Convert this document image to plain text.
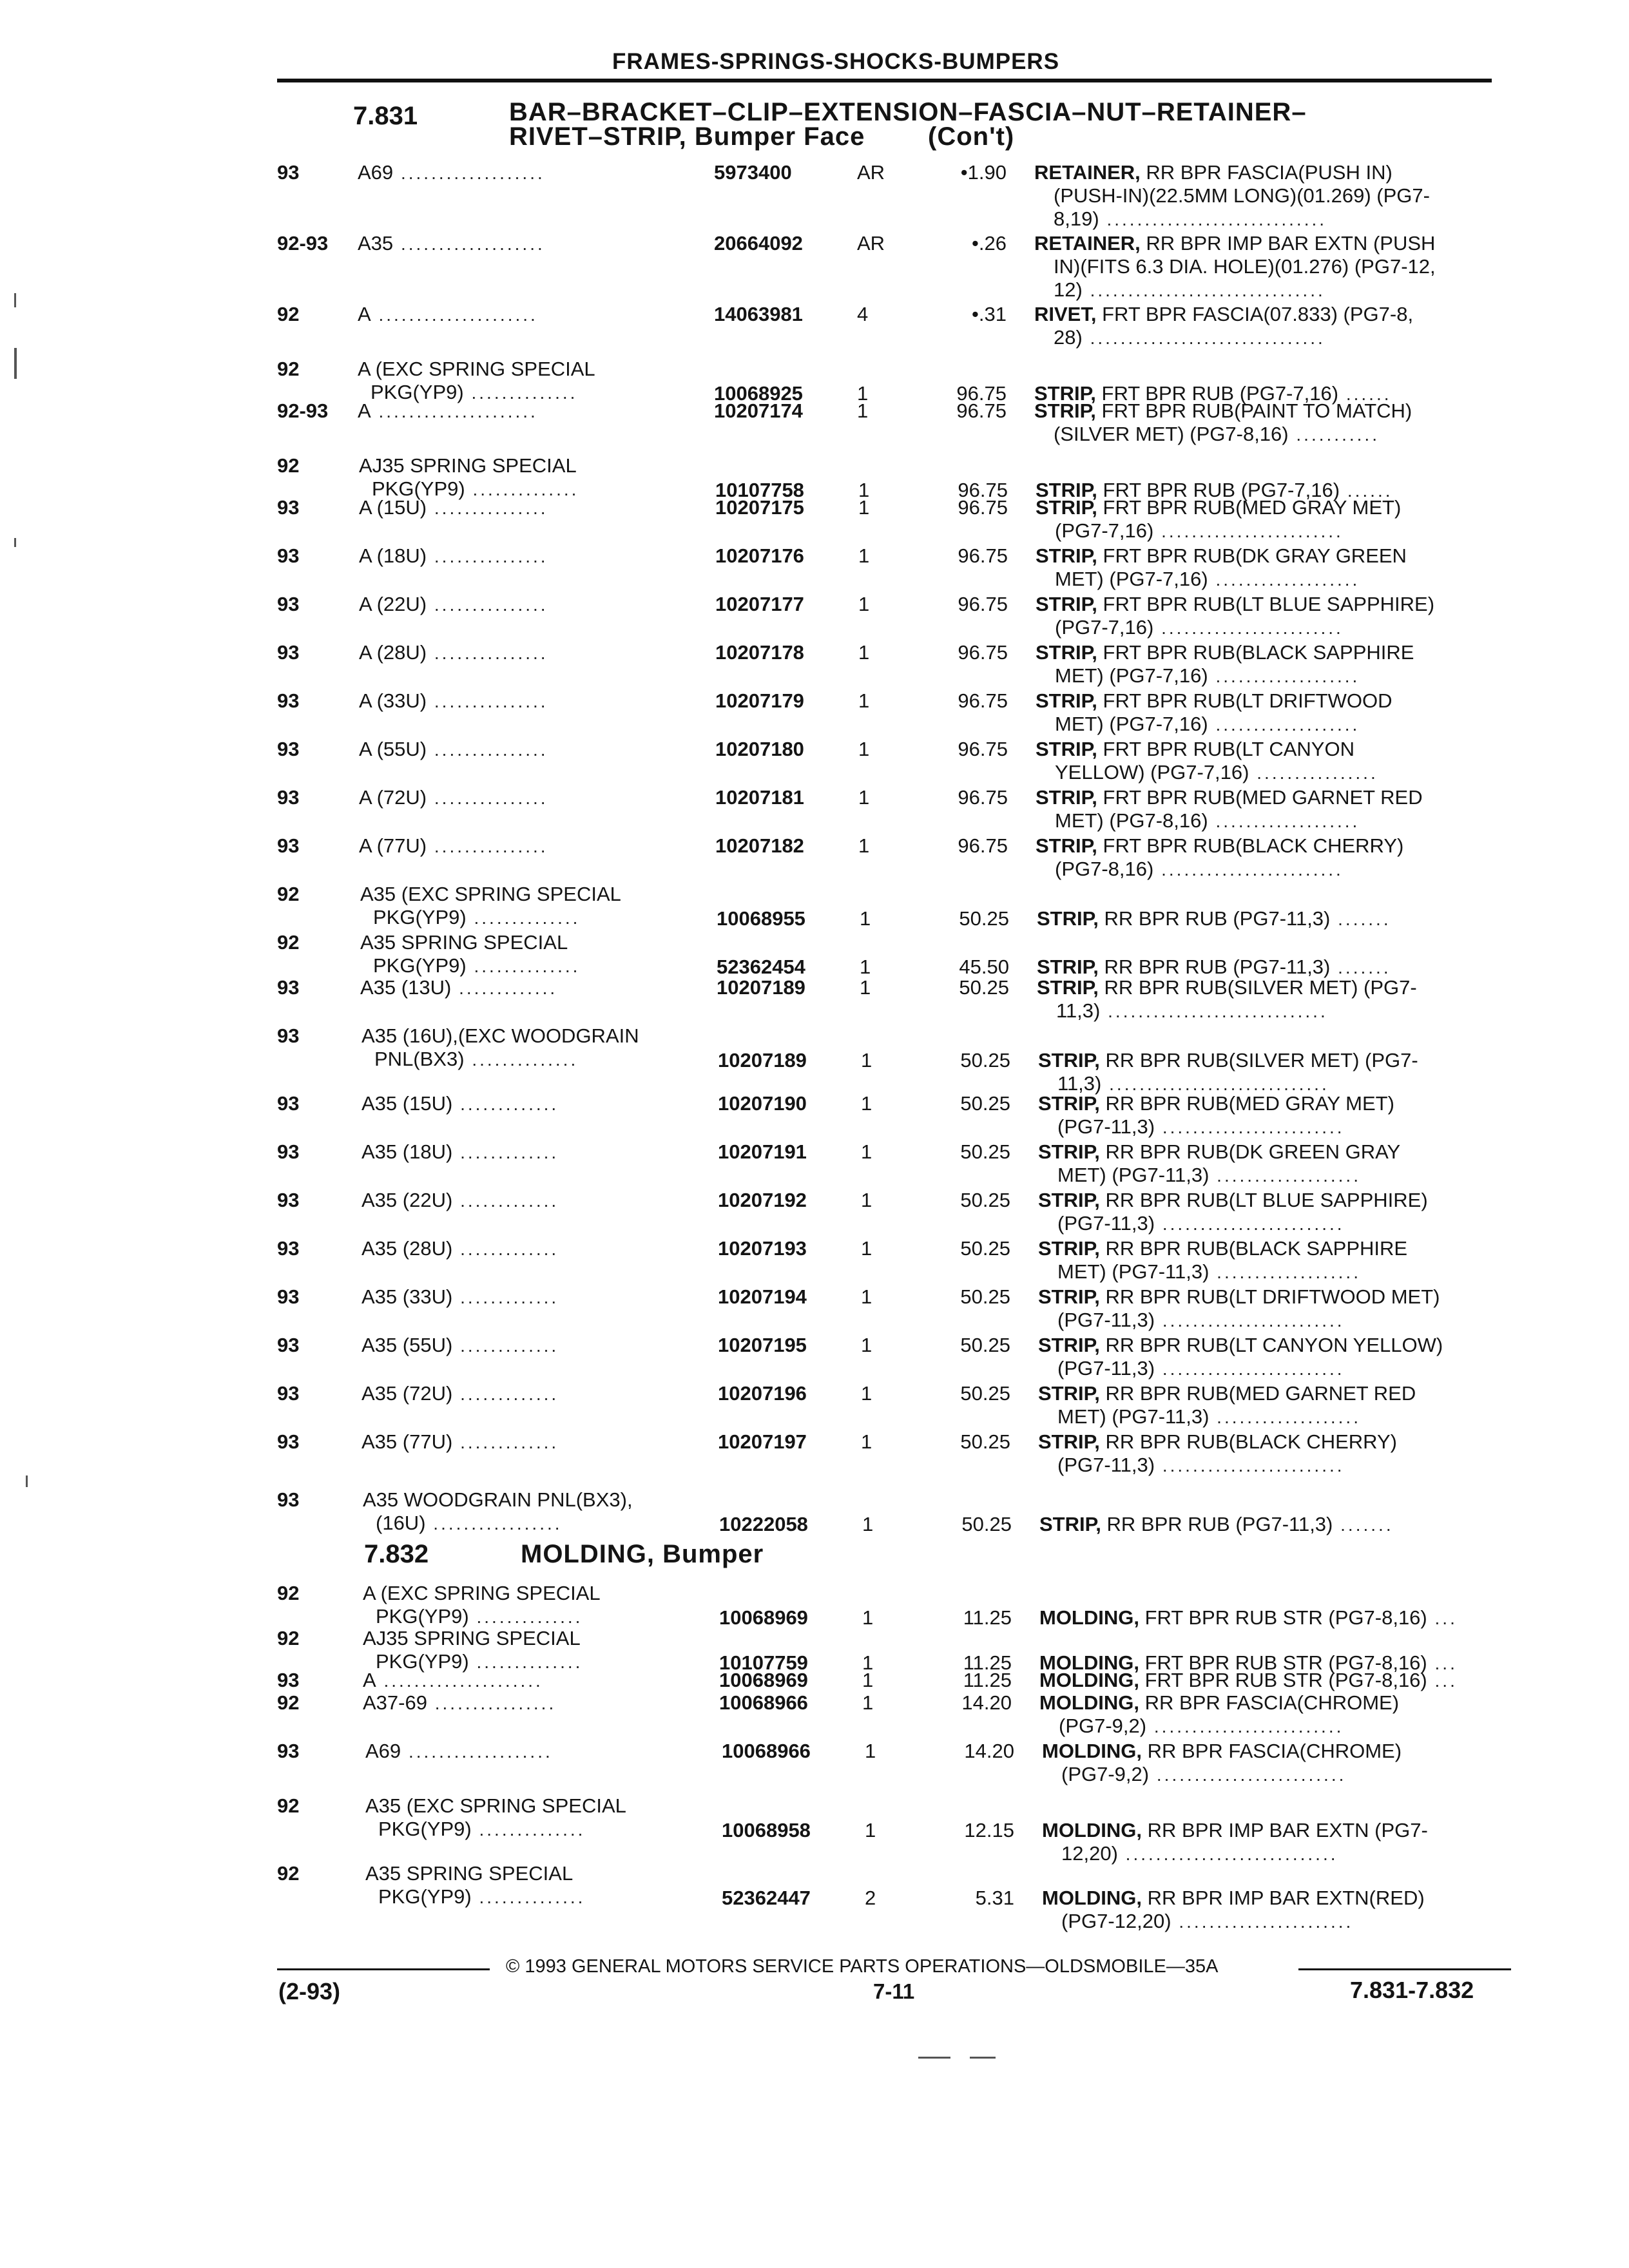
FRAMES-SPRINGS-SHOCKS-BUMPERS
7.831	BAR–BRACKET–CLIP–EXTENSION–FASCIA–NUT–RETAINER–
RIVET–STRIP, Bumper Face (Con't)
7.832	MOLDING, Bumper
93	A69 ...................	5973400	AR	•1.90 RETAINER, RR BPR FASCIA(PUSH IN)
(PUSH-IN)(22.5MM LONG)(01.269) (PG7-
8,19) .............................
92-93 A35 ...................	20664092	AR	•.26 RETAINER, RR BPR IMP BAR EXTN (PUSH
IN)(FITS 6.3 DIA. HOLE)(01.276) (PG7-12,
12) ...............................
92	A .....................	14063981	4	•.31 RIVET, FRT BPR FASCIA(07.833) (PG7-8,
28) ...............................
92	A (EXC SPRING SPECIAL
PKG(YP9) ..............	10068925	1	96.75 STRIP, FRT BPR RUB (PG7-7,16) ......
92-93 A .....................	10207174	1	96.75 STRIP, FRT BPR RUB(PAINT TO MATCH)
(SILVER MET) (PG7-8,16) ...........
92	AJ35 SPRING SPECIAL
PKG(YP9) ..............	10107758	1	96.75 STRIP, FRT BPR RUB (PG7-7,16) ......
93	A (15U) ...............	10207175	1	96.75 STRIP, FRT BPR RUB(MED GRAY MET)
(PG7-7,16) ........................
93	A (18U) ...............	10207176	1	96.75 STRIP, FRT BPR RUB(DK GRAY GREEN
MET) (PG7-7,16) ...................
93	A (22U) ...............	10207177	1	96.75 STRIP, FRT BPR RUB(LT BLUE SAPPHIRE)
(PG7-7,16) ........................
93	A (28U) ...............	10207178	1	96.75 STRIP, FRT BPR RUB(BLACK SAPPHIRE
MET) (PG7-7,16) ...................
93	A (33U) ...............	10207179	1	96.75 STRIP, FRT BPR RUB(LT DRIFTWOOD
MET) (PG7-7,16) ...................
93	A (55U) ...............	10207180	1	96.75 STRIP, FRT BPR RUB(LT CANYON
YELLOW) (PG7-7,16) ................
93	A (72U) ...............	10207181	1	96.75 STRIP, FRT BPR RUB(MED GARNET RED
MET) (PG7-8,16) ...................
93	A (77U) ...............	10207182	1	96.75 STRIP, FRT BPR RUB(BLACK CHERRY)
(PG7-8,16) ........................
92	A35 (EXC SPRING SPECIAL
PKG(YP9) ..............	10068955	1	50.25 STRIP, RR BPR RUB (PG7-11,3) .......
92	A35 SPRING SPECIAL
PKG(YP9) ..............	52362454	1	45.50 STRIP, RR BPR RUB (PG7-11,3) .......
93	A35 (13U) .............	10207189	1	50.25 STRIP, RR BPR RUB(SILVER MET) (PG7-
11,3) .............................
93	A35 (16U),(EXC WOODGRAIN
PNL(BX3) ..............	10207189	1	50.25 STRIP, RR BPR RUB(SILVER MET) (PG7-
11,3) .............................
93	A35 (15U) .............	10207190	1	50.25 STRIP, RR BPR RUB(MED GRAY MET)
(PG7-11,3) ........................
93	A35 (18U) .............	10207191	1	50.25 STRIP, RR BPR RUB(DK GREEN GRAY
MET) (PG7-11,3) ...................
93	A35 (22U) .............	10207192	1	50.25 STRIP, RR BPR RUB(LT BLUE SAPPHIRE)
(PG7-11,3) ........................
93	A35 (28U) .............	10207193	1	50.25 STRIP, RR BPR RUB(BLACK SAPPHIRE
MET) (PG7-11,3) ...................
93	A35 (33U) .............	10207194	1	50.25 STRIP, RR BPR RUB(LT DRIFTWOOD MET)
(PG7-11,3) ........................
93	A35 (55U) .............	10207195	1	50.25 STRIP, RR BPR RUB(LT CANYON YELLOW)
(PG7-11,3) ........................
93	A35 (72U) .............	10207196	1	50.25 STRIP, RR BPR RUB(MED GARNET RED
MET) (PG7-11,3) ...................
93	A35 (77U) .............	10207197	1	50.25 STRIP, RR BPR RUB(BLACK CHERRY)
(PG7-11,3) ........................
93	A35 WOODGRAIN PNL(BX3),
(16U) .................	10222058	1	50.25 STRIP, RR BPR RUB (PG7-11,3) .......
92	A (EXC SPRING SPECIAL
PKG(YP9) ..............	10068969	1	11.25 MOLDING, FRT BPR RUB STR (PG7-8,16) ...
92	AJ35 SPRING SPECIAL
PKG(YP9) ..............	10107759	1	11.25 MOLDING, FRT BPR RUB STR (PG7-8,16) ...
93	A .....................	10068969	1	11.25 MOLDING, FRT BPR RUB STR (PG7-8,16) ...
92	A37-69 ................	10068966	1	14.20 MOLDING, RR BPR FASCIA(CHROME)
(PG7-9,2) .........................
93	A69 ...................	10068966	1	14.20 MOLDING, RR BPR FASCIA(CHROME)
(PG7-9,2) .........................
92	A35 (EXC SPRING SPECIAL
PKG(YP9) ..............	10068958	1	12.15 MOLDING, RR BPR IMP BAR EXTN (PG7-
12,20) ............................
92	A35 SPRING SPECIAL
PKG(YP9) ..............	52362447	2	5.31 MOLDING, RR BPR IMP BAR EXTN(RED)
(PG7-12,20) .......................
© 1993 GENERAL MOTORS SERVICE PARTS OPERATIONS—OLDSMOBILE—35A
(2-93)	7-11	7.831-7.832
